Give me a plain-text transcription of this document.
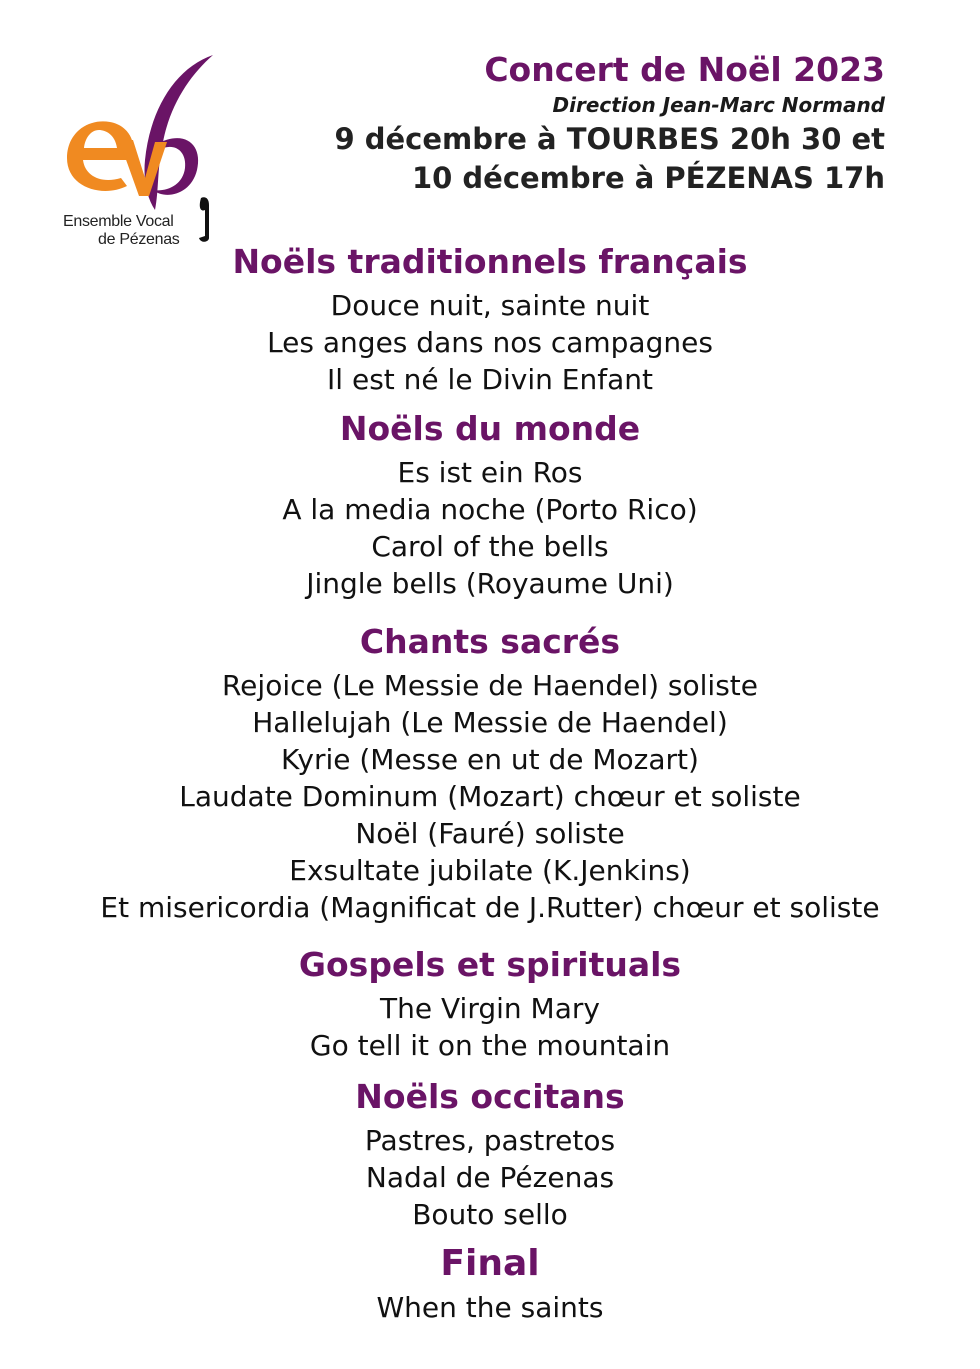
Ensemble Vocal
de Pézenas
Concert de Noël 2023
Direction Jean-Marc Normand
9 décembre à TOURBES 20h 30 et
10 décembre à PÉZENAS 17h
Noëls traditionnels français
Douce nuit, sainte nuit
Les anges dans nos campagnes
Il est né le Divin Enfant
Noëls du monde
Es ist ein Ros
A la media noche (Porto Rico)
Carol of the bells
Jingle bells (Royaume Uni)
Chants sacrés
Rejoice (Le Messie de Haendel) soliste
Hallelujah (Le Messie de Haendel)
Kyrie (Messe en ut de Mozart)
Laudate Dominum (Mozart) chœur et soliste
Noël (Fauré) soliste
Exsultate jubilate (K.Jenkins)
Et misericordia (Magnificat de J.Rutter) chœur et soliste
Gospels et spirituals
The Virgin Mary
Go tell it on the mountain
Noëls occitans
Pastres, pastretos
Nadal de Pézenas
Bouto sello
Final
When the saints
